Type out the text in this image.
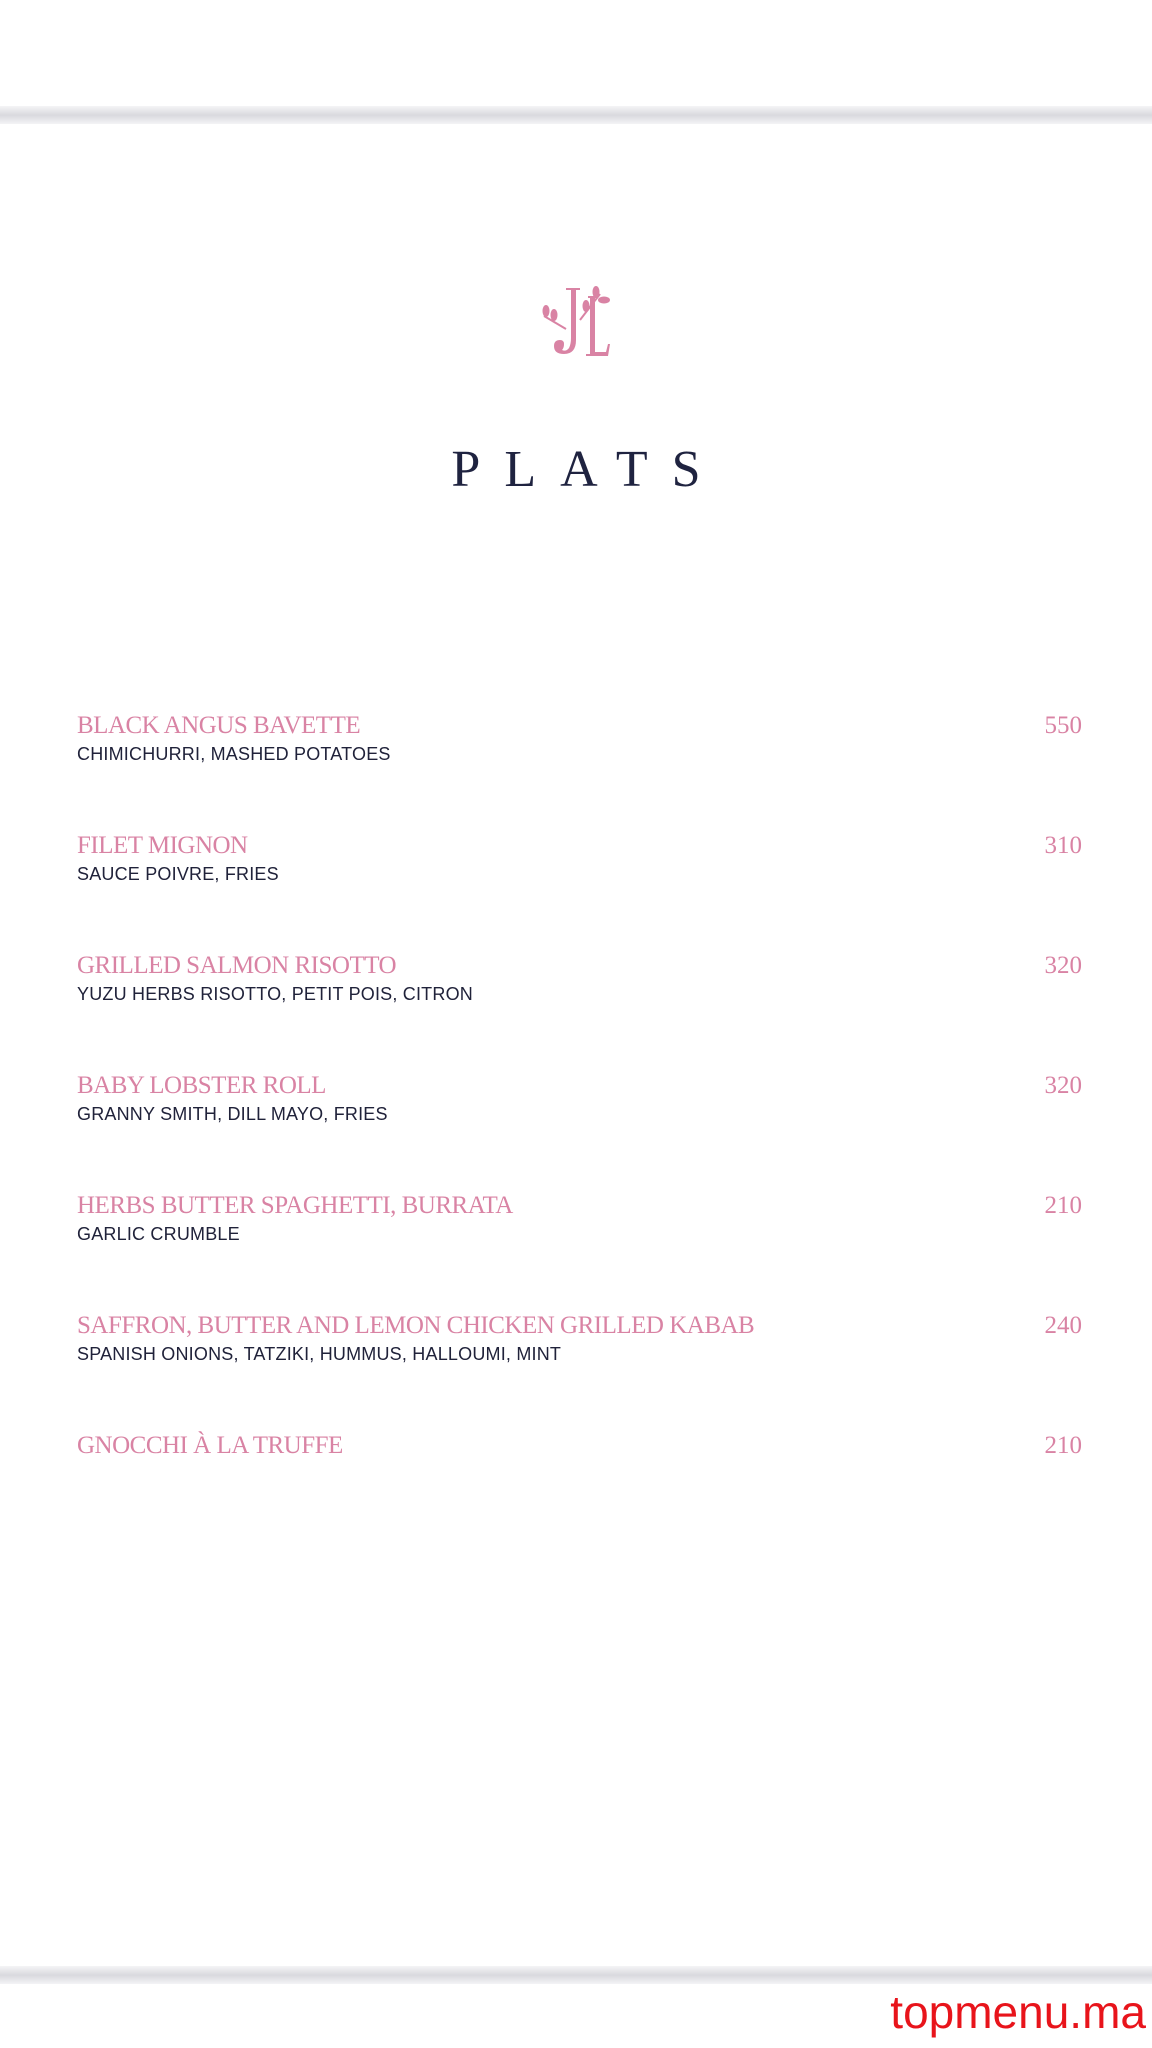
PLATS
BLACK ANGUS BAVETTE	550
CHIMICHURRI, MASHED POTATOES
FILET MIGNON	310
SAUCE POIVRE, FRIES
GRILLED SALMON RISOTTO	320
YUZU HERBS RISOTTO, PETIT POIS, CITRON
BABY LOBSTER ROLL	320
GRANNY SMITH, DILL MAYO, FRIES
HERBS BUTTER SPAGHETTI, BURRATA	210
GARLIC CRUMBLE
SAFFRON, BUTTER AND LEMON CHICKEN GRILLED KABAB	240
SPANISH ONIONS, TATZIKI, HUMMUS, HALLOUMI, MINT
GNOCCHI À LA TRUFFE	210
topmenu.ma
